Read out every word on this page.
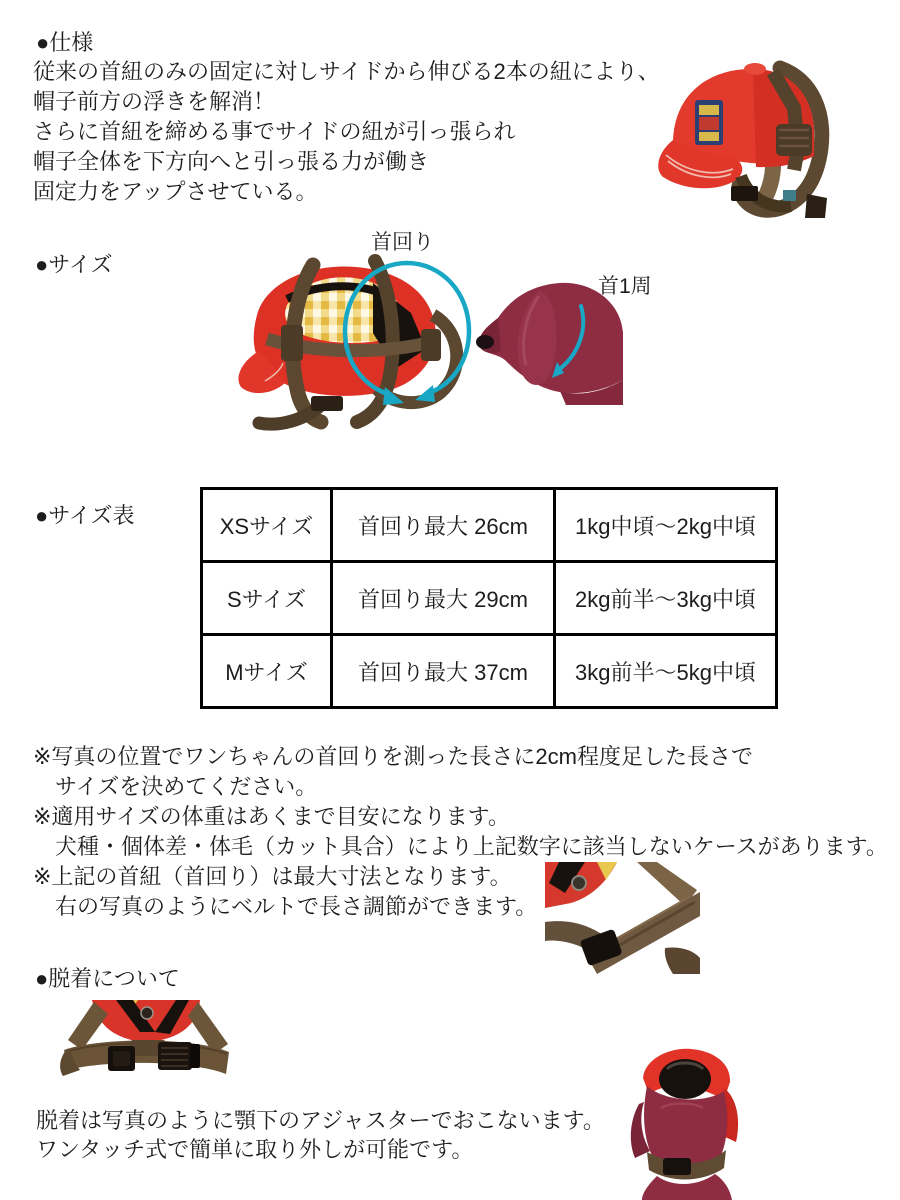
●仕様
従来の首紐のみの固定に対しサイドから伸びる2本の紐により、
帽子前方の浮きを解消！
さらに首紐を締める事でサイドの紐が引っ張られ
帽子全体を下方向へと引っ張る力が働き
固定力をアップさせている。
●サイズ
首回り
首1周
●サイズ表	XSサイズ	首回り最大 26cm	1kg中頃～2kg中頃
Sサイズ	首回り最大 29cm	2kg前半～3kg中頃
Mサイズ	首回り最大 37cm	3kg前半～5kg中頃
※写真の位置でワンちゃんの首回りを測った長さに2cm程度足した長さで
サイズを決めてください。
※適用サイズの体重はあくまで目安になります。
犬種・個体差・体毛（カット具合）により上記数字に該当しないケースがあります。
※上記の首紐（首回り）は最大寸法となります。
右の写真のようにベルトで長さ調節ができます。
●脱着について
脱着は写真のように顎下のアジャスターでおこないます。
ワンタッチ式で簡単に取り外しが可能です。
